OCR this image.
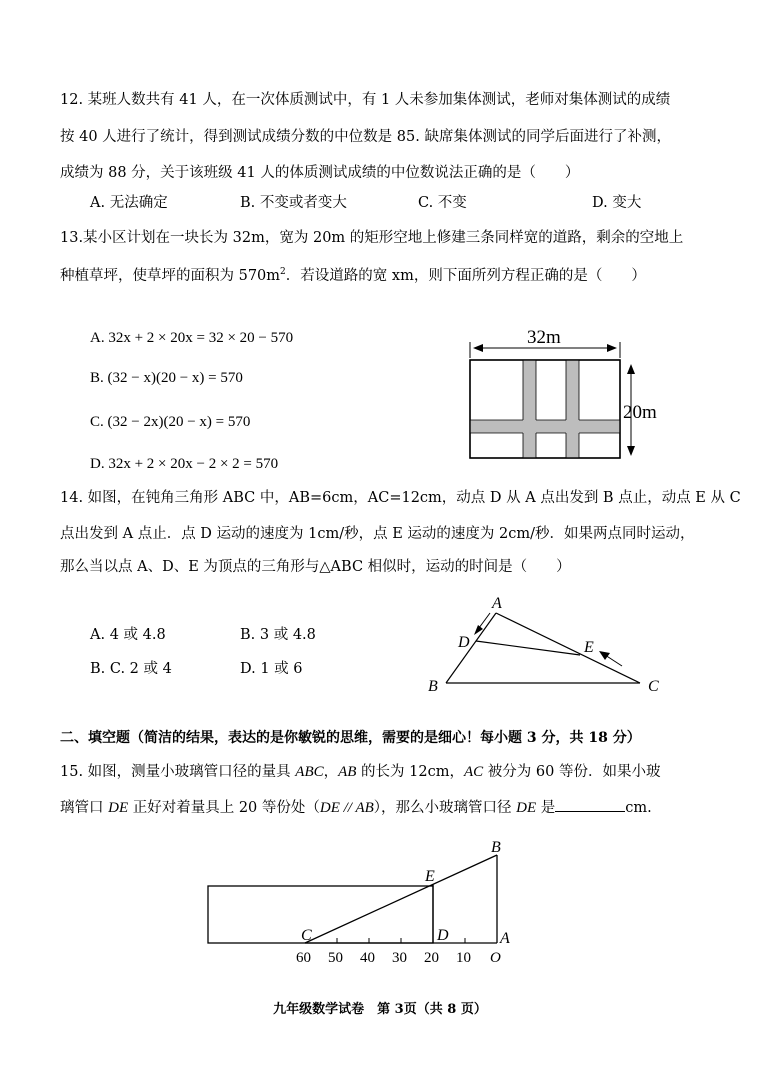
12. 某班人数共有 41 人，在一次体质测试中，有 1 人未参加集体测试，老师对集体测试的成绩
按 40 人进行了统计，得到测试成绩分数的中位数是 85. 缺席集体测试的同学后面进行了补测，
成绩为 88 分，关于该班级 41 人的体质测试成绩的中位数说法正确的是（　　）
A. 无法确定	B. 不变或者变大	C. 不变	D. 变大
13.某小区计划在一块长为 32m，宽为 20m 的矩形空地上修建三条同样宽的道路，剩余的空地上
种植草坪，使草坪的面积为 $570m^2$．若设道路的宽 xm，则下面所列方程正确的是（　　）
A. 32x + 2 × 20x = 32 × 20 − 570
B. (32 − x)(20 − x) = 570
C. (32 − 2x)(20 − x) = 570
D. 32x + 2 × 20x − 2 × 2 = 570
32m
20m
14. 如图，在钝角三角形 ABC 中，AB=6cm，AC=12cm，动点 D 从 A 点出发到 B 点止，动点 E 从 C
点出发到 A 点止．点 D 运动的速度为 1cm/秒，点 E 运动的速度为 2cm/秒．如果两点同时运动，
那么当以点 A、D、E 为顶点的三角形与△ABC 相似时，运动的时间是（　　）
A. 4 或 4.8	B. 3 或 4.8
B. C. 2 或 4	D. 1 或 6
A
D	E
B	C
二、填空题（简洁的结果，表达的是你敏锐的思维，需要的是细心！每小题 3 分，共 18 分）
15. 如图，测量小玻璃管口径的量具 ABC，AB 的长为 12cm，AC 被分为 60 等份．如果小玻
璃管口 DE 正好对着量具上 20 等份处（DE // AB），那么小玻璃管口径 DE 是	cm.
B
E
C	D	A
60 50 40 30 20 10 O
九年级数学试卷　第 3页（共 8 页）
